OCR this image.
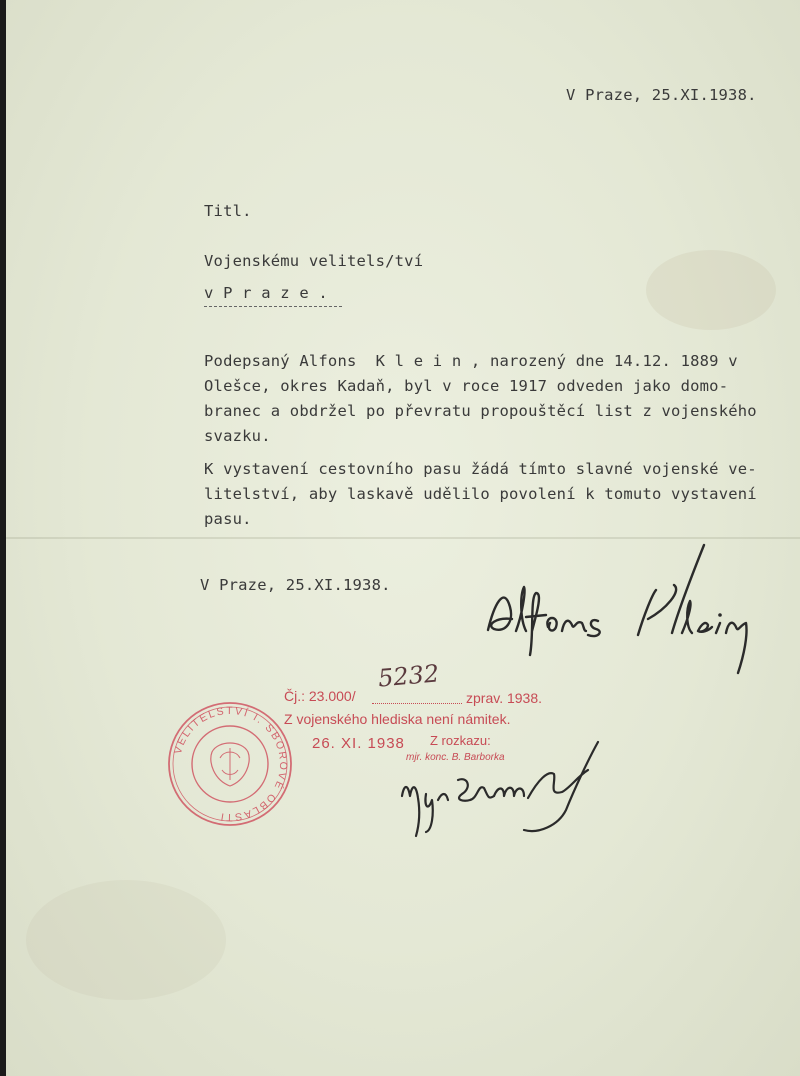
V Praze, 25.XI.1938.
Titl.
Vojenskému velitels/tví
v P r a z e .
Podepsaný Alfons  K l e i n , narozený dne 14.12. 1889 v
Olešce, okres Kadaň, byl v roce 1917 odveden jako domo-
branec a obdržel po převratu propouštěcí list z vojenského
svazku.
K vystavení cestovního pasu žádá tímto slavné vojenské ve-
litelství, aby laskavě udělilo povolení k tomuto vystavení
pasu.
V Praze, 25.XI.1938.
Čj.: 23.000/
5232
zprav. 1938.
Z vojenského hlediska není námitek.
26. XI. 1938 Z rozkazu:
mjr. konc. B. Barborka
VELITELSTVÍ I. SBOROVÉ OBLASTI
